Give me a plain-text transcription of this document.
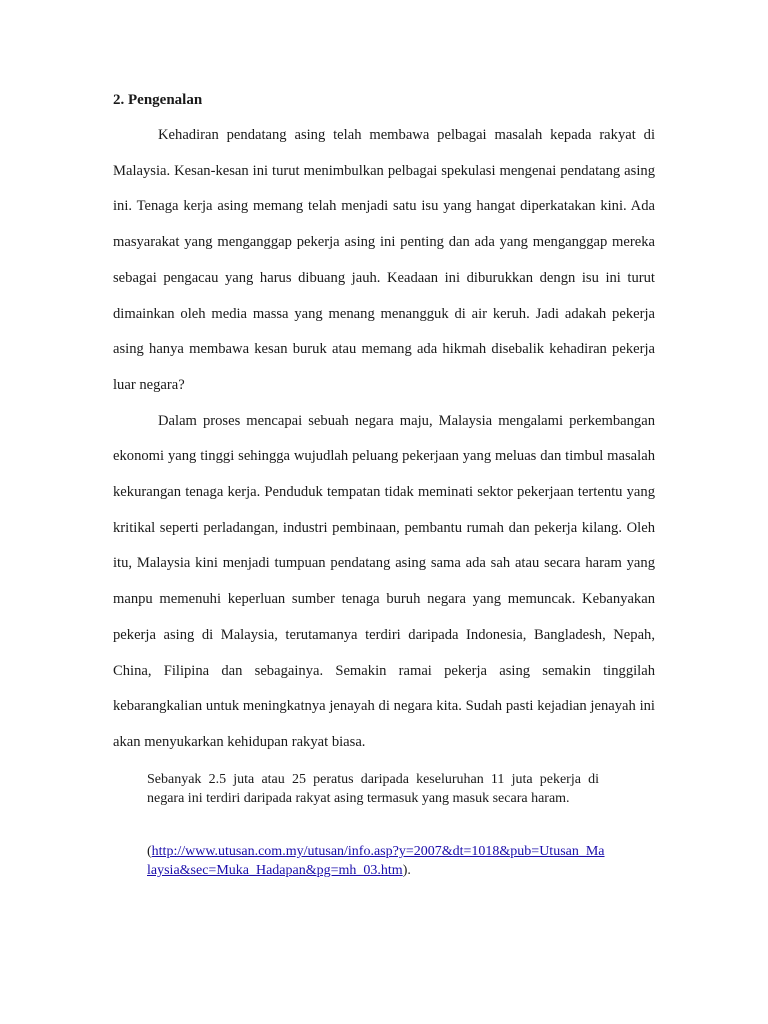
2. Pengenalan

Kehadiran pendatang asing telah membawa pelbagai masalah kepada rakyat di Malaysia. Kesan-kesan ini turut menimbulkan pelbagai spekulasi mengenai pendatang asing ini. Tenaga kerja asing memang telah menjadi satu isu yang hangat diperkatakan kini. Ada masyarakat yang menganggap pekerja asing ini penting dan ada yang menganggap mereka sebagai pengacau yang harus dibuang jauh. Keadaan ini diburukkan dengn isu ini turut dimainkan oleh media massa yang menang menangguk di air keruh. Jadi adakah pekerja asing hanya membawa kesan buruk atau memang ada hikmah disebalik kehadiran pekerja luar negara?

Dalam proses mencapai sebuah negara maju, Malaysia mengalami perkembangan ekonomi yang tinggi sehingga wujudlah peluang pekerjaan yang meluas dan timbul masalah kekurangan tenaga kerja. Penduduk tempatan tidak meminati sektor pekerjaan tertentu yang kritikal seperti perladangan, industri pembinaan, pembantu rumah dan pekerja kilang. Oleh itu, Malaysia kini menjadi tumpuan pendatang asing sama ada sah atau secara haram yang manpu memenuhi keperluan sumber tenaga buruh negara yang memuncak. Kebanyakan pekerja asing di Malaysia, terutamanya terdiri daripada Indonesia, Bangladesh, Nepah, China, Filipina dan sebagainya. Semakin ramai pekerja asing semakin tinggilah kebarangkalian untuk meningkatnya jenayah di negara kita. Sudah pasti kejadian jenayah ini akan menyukarkan kehidupan rakyat biasa.

Sebanyak 2.5 juta atau 25 peratus daripada keseluruhan 11 juta pekerja di negara ini terdiri daripada rakyat asing termasuk yang masuk secara haram.

(http://www.utusan.com.my/utusan/info.asp?y=2007&dt=1018&pub=Utusan_Malaysia&sec=Muka_Hadapan&pg=mh_03.htm).
